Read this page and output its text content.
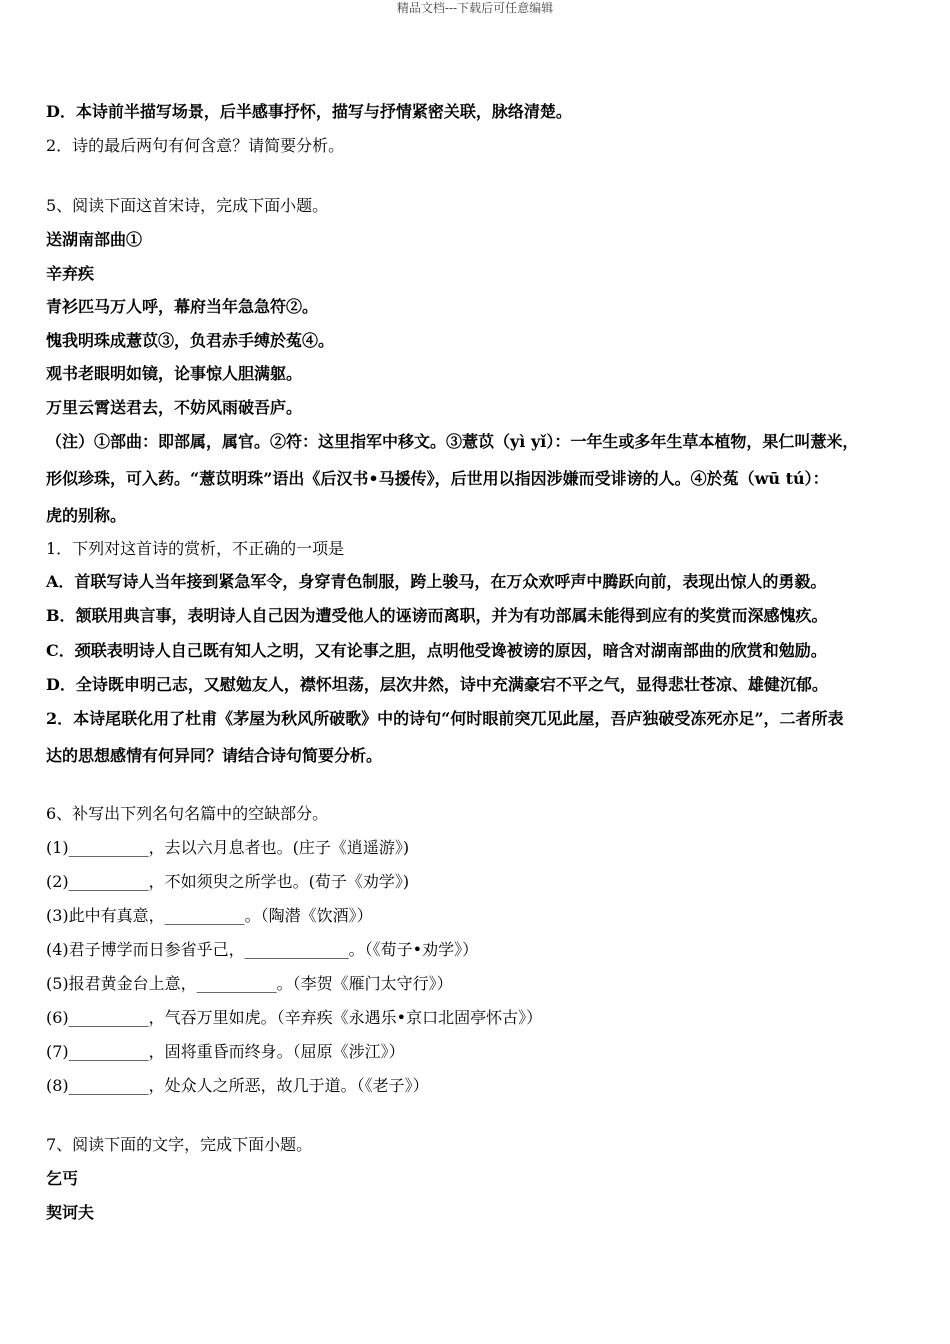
精品文档---下载后可任意编辑
D．本诗前半描写场景，后半感事抒怀，描写与抒情紧密关联，脉络清楚。
2．诗的最后两句有何含意？请简要分析。
5、阅读下面这首宋诗，完成下面小题。
送湖南部曲①
辛弃疾
青衫匹马万人呼，幕府当年急急符②。
愧我明珠成薏苡③，负君赤手缚於菟④。
观书老眼明如镜，论事惊人胆满躯。
万里云霄送君去，不妨风雨破吾庐。
（注）①部曲：即部属，属官。②符：这里指军中移文。③薏苡（yì yǐ）：一年生或多年生草本植物，果仁叫薏米，
形似珍珠，可入药。“薏苡明珠”语出《后汉书•马援传》，后世用以指因涉嫌而受诽谤的人。④於菟（wū tú）：
虎的别称。
1．下列对这首诗的赏析，不正确的一项是
A．首联写诗人当年接到紧急军令，身穿青色制服，跨上骏马，在万众欢呼声中腾跃向前，表现出惊人的勇毅。
B．颔联用典言事，表明诗人自己因为遭受他人的诬谤而离职，并为有功部属未能得到应有的奖赏而深感愧疚。
C．颈联表明诗人自己既有知人之明，又有论事之胆，点明他受谗被谤的原因，暗含对湖南部曲的欣赏和勉励。
D．全诗既申明己志，又慰勉友人，襟怀坦荡，层次井然，诗中充满豪宕不平之气，显得悲壮苍凉、雄健沉郁。
2．本诗尾联化用了杜甫《茅屋为秋风所破歌》中的诗句“何时眼前突兀见此屋，吾庐独破受冻死亦足”，二者所表
达的思想感情有何异同？请结合诗句简要分析。
6、补写出下列名句名篇中的空缺部分。
(1)__________，去以六月息者也。(庄子《逍遥游》)
(2)__________，不如须臾之所学也。(荀子《劝学》)
(3)此中有真意，__________。（陶潜《饮酒》）
(4)君子博学而日参省乎己，_____________。（《荀子•劝学》）
(5)报君黄金台上意，__________。（李贺《雁门太守行》）
(6)__________，气吞万里如虎。（辛弃疾《永遇乐•京口北固亭怀古》）
(7)__________，固将重昏而终身。（屈原《涉江》）
(8)__________，处众人之所恶，故几于道。（《老子》）
7、阅读下面的文字，完成下面小题。
乞丐
契诃夫
